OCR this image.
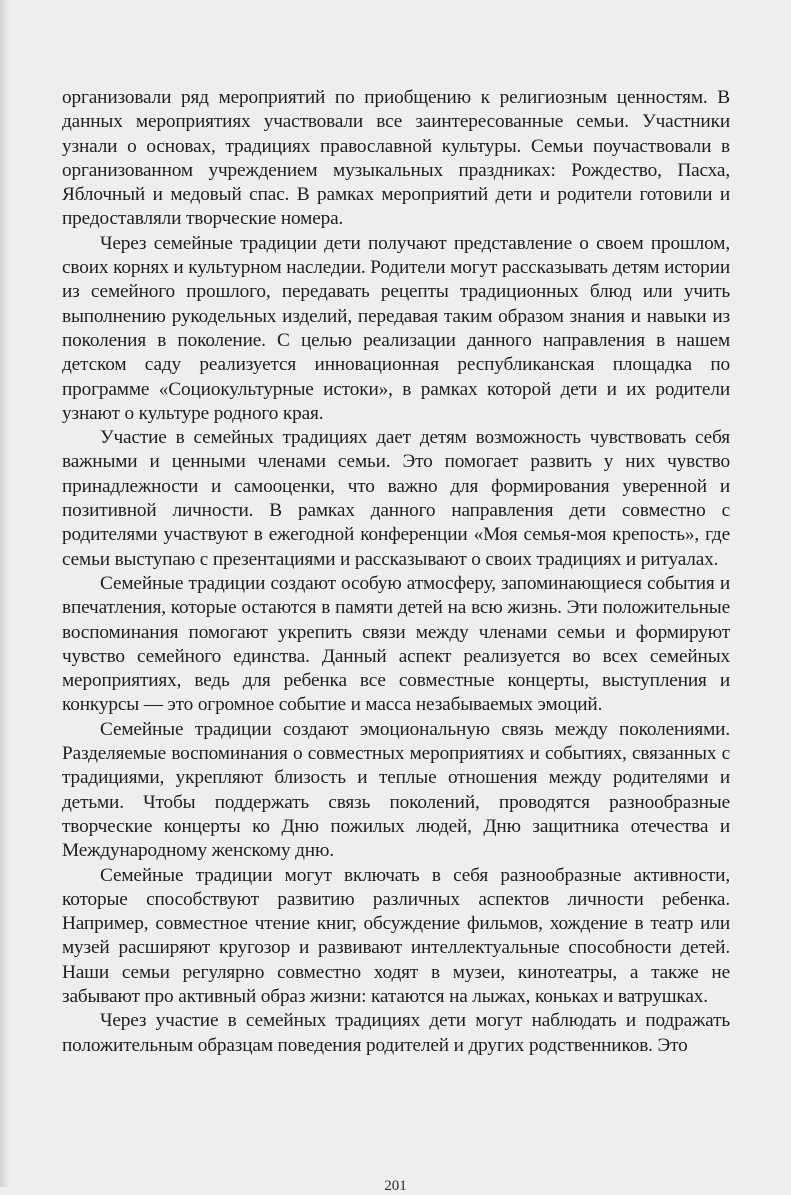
организовали ряд мероприятий по приобщению к религиозным ценностям. В данных мероприятиях участвовали все заинтересованные семьи. Участники узнали о основах, традициях православной культуры. Семьи поучаствовали в организованном учреждением музыкальных праздниках: Рождество, Пасха, Яблочный и медовый спас. В рамках мероприятий дети и родители готовили и предоставляли творческие номера.

Через семейные традиции дети получают представление о своем прошлом, своих корнях и культурном наследии. Родители могут рассказывать детям истории из семейного прошлого, передавать рецепты традиционных блюд или учить выполнению рукодельных изделий, передавая таким образом знания и навыки из поколения в поколение. С целью реализации данного направления в нашем детском саду реализуется инновационная республиканская площадка по программе «Социокультурные истоки», в рамках которой дети и их родители узнают о культуре родного края.

Участие в семейных традициях дает детям возможность чувствовать себя важными и ценными членами семьи. Это помогает развить у них чувство принадлежности и самооценки, что важно для формирования уверенной и позитивной личности. В рамках данного направления дети совместно с родителями участвуют в ежегодной конференции «Моя семья-моя крепость», где семьи выступаю с презентациями и рассказывают о своих традициях и ритуалах.

Семейные традиции создают особую атмосферу, запоминающиеся события и впечатления, которые остаются в памяти детей на всю жизнь. Эти положительные воспоминания помогают укрепить связи между членами семьи и формируют чувство семейного единства. Данный аспект реализуется во всех семейных мероприятиях, ведь для ребенка все совместные концерты, выступления и конкурсы — это огромное событие и масса незабываемых эмоций.

Семейные традиции создают эмоциональную связь между поколениями. Разделяемые воспоминания о совместных мероприятиях и событиях, связанных с традициями, укрепляют близость и теплые отношения между родителями и детьми. Чтобы поддержать связь поколений, проводятся разнообразные творческие концерты ко Дню пожилых людей, Дню защитника отечества и Международному женскому дню.

Семейные традиции могут включать в себя разнообразные активности, которые способствуют развитию различных аспектов личности ребенка. Например, совместное чтение книг, обсуждение фильмов, хождение в театр или музей расширяют кругозор и развивают интеллектуальные способности детей. Наши семьи регулярно совместно ходят в музеи, кинотеатры, а также не забывают про активный образ жизни: катаются на лыжах, коньках и ватрушках.

Через участие в семейных традициях дети могут наблюдать и подражать положительным образцам поведения родителей и других родственников. Это

201
